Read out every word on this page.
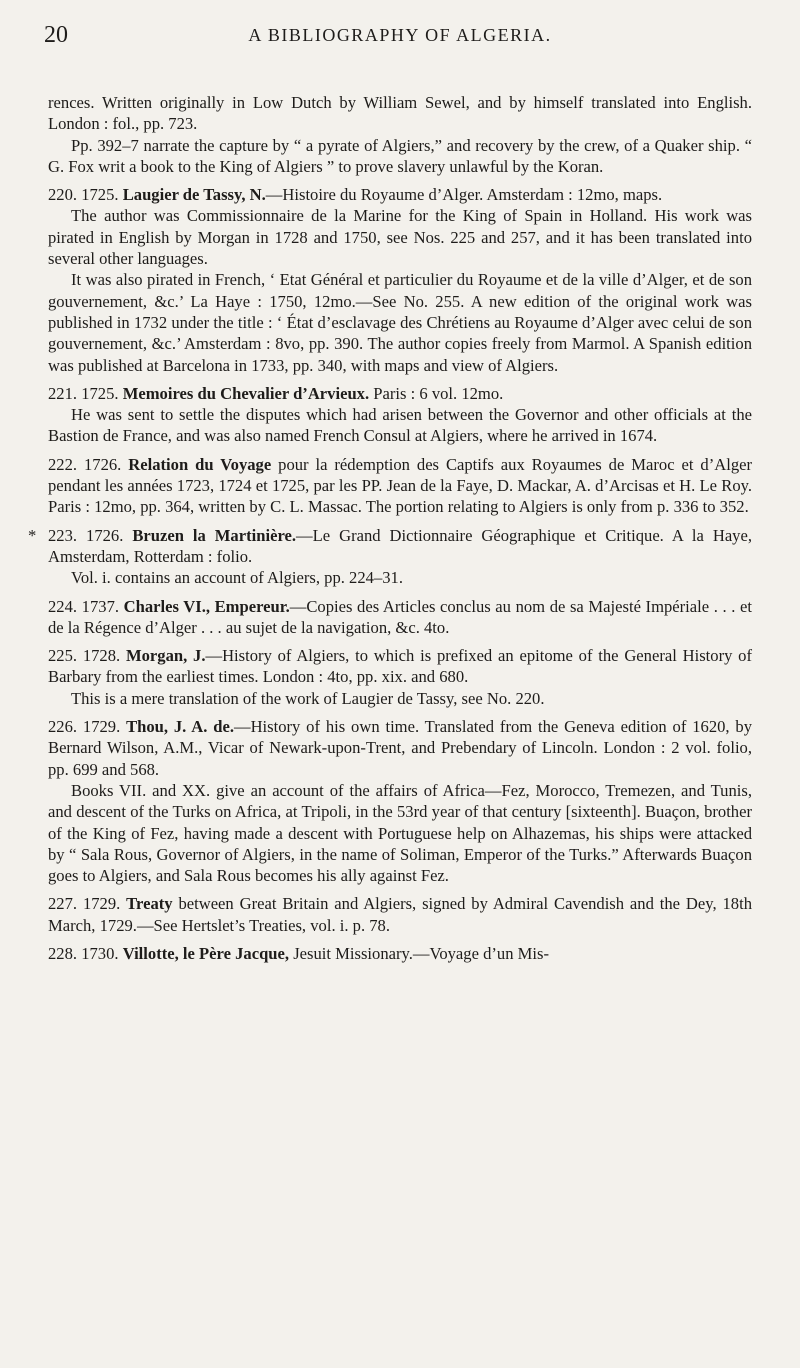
20	A BIBLIOGRAPHY OF ALGERIA.

rences. Written originally in Low Dutch by William Sewel, and by himself translated into English. London : fol., pp. 723.

Pp. 392–7 narrate the capture by “ a pyrate of Algiers,” and recovery by the crew, of a Quaker ship. “ G. Fox writ a book to the King of Algiers ” to prove slavery unlawful by the Koran.

220. 1725. Laugier de Tassy, N.—Histoire du Royaume d’Alger. Amsterdam : 12mo, maps.

The author was Commissionnaire de la Marine for the King of Spain in Holland. His work was pirated in English by Morgan in 1728 and 1750, see Nos. 225 and 257, and it has been translated into several other languages.

It was also pirated in French, ‘ Etat Général et particulier du Royaume et de la ville d’Alger, et de son gouvernement, &c.’ La Haye : 1750, 12mo.—See No. 255. A new edition of the original work was published in 1732 under the title : ‘ État d’esclavage des Chrétiens au Royaume d’Alger avec celui de son gouvernement, &c.’ Amsterdam : 8vo, pp. 390. The author copies freely from Marmol. A Spanish edition was published at Barcelona in 1733, pp. 340, with maps and view of Algiers.

221. 1725. Memoires du Chevalier d’Arvieux. Paris : 6 vol. 12mo.

He was sent to settle the disputes which had arisen between the Governor and other officials at the Bastion de France, and was also named French Consul at Algiers, where he arrived in 1674.

222. 1726. Relation du Voyage pour la rédemption des Captifs aux Royaumes de Maroc et d’Alger pendant les années 1723, 1724 et 1725, par les PP. Jean de la Faye, D. Mackar, A. d’Arcisas et H. Le Roy. Paris : 12mo, pp. 364, written by C. L. Massac. The portion relating to Algiers is only from p. 336 to 352.

* 223. 1726. Bruzen la Martinière.—Le Grand Dictionnaire Géographique et Critique. A la Haye, Amsterdam, Rotterdam : folio.

Vol. i. contains an account of Algiers, pp. 224–31.

224. 1737. Charles VI., Empereur.—Copies des Articles conclus au nom de sa Majesté Impériale . . . et de la Régence d’Alger . . . au sujet de la navigation, &c. 4to.

225. 1728. Morgan, J.—History of Algiers, to which is prefixed an epitome of the General History of Barbary from the earliest times. London : 4to, pp. xix. and 680.

This is a mere translation of the work of Laugier de Tassy, see No. 220.

226. 1729. Thou, J. A. de.—History of his own time. Translated from the Geneva edition of 1620, by Bernard Wilson, A.M., Vicar of Newark-upon-Trent, and Prebendary of Lincoln. London : 2 vol. folio, pp. 699 and 568.

Books VII. and XX. give an account of the affairs of Africa—Fez, Morocco, Tremezen, and Tunis, and descent of the Turks on Africa, at Tripoli, in the 53rd year of that century [sixteenth]. Buaçon, brother of the King of Fez, having made a descent with Portuguese help on Alhazemas, his ships were attacked by “ Sala Rous, Governor of Algiers, in the name of Soliman, Emperor of the Turks.” Afterwards Buaçon goes to Algiers, and Sala Rous becomes his ally against Fez.

227. 1729. Treaty between Great Britain and Algiers, signed by Admiral Cavendish and the Dey, 18th March, 1729.—See Hertslet’s Treaties, vol. i. p. 78.

228. 1730. Villotte, le Père Jacque, Jesuit Missionary.—Voyage d’un Mis-
